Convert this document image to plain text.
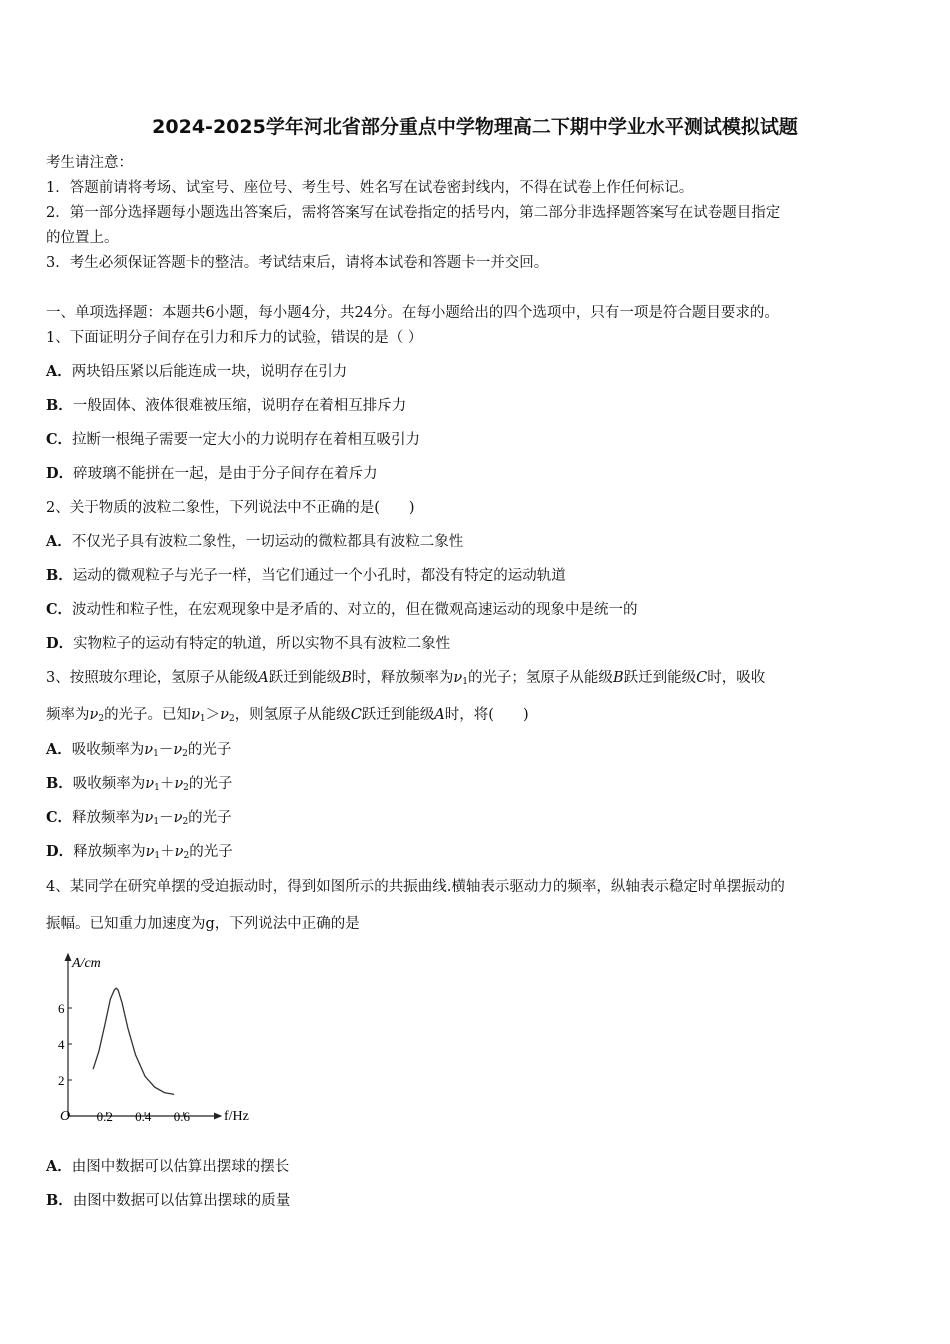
2024-2025学年河北省部分重点中学物理高二下期中学业水平测试模拟试题
考生请注意：
1．答题前请将考场、试室号、座位号、考生号、姓名写在试卷密封线内，不得在试卷上作任何标记。
2．第一部分选择题每小题选出答案后，需将答案写在试卷指定的括号内，第二部分非选择题答案写在试卷题目指定
的位置上。
3．考生必须保证答题卡的整洁。考试结束后，请将本试卷和答题卡一并交回。
一、单项选择题：本题共6小题，每小题4分，共24分。在每小题给出的四个选项中，只有一项是符合题目要求的。
1、下面证明分子间存在引力和斥力的试验，错误的是（ ）
A．两块铅压紧以后能连成一块，说明存在引力
B．一般固体、液体很难被压缩，说明存在着相互排斥力
C．拉断一根绳子需要一定大小的力说明存在着相互吸引力
D．碎玻璃不能拼在一起，是由于分子间存在着斥力
2、关于物质的波粒二象性，下列说法中不正确的是(　　)
A．不仅光子具有波粒二象性，一切运动的微粒都具有波粒二象性
B．运动的微观粒子与光子一样，当它们通过一个小孔时，都没有特定的运动轨道
C．波动性和粒子性，在宏观现象中是矛盾的、对立的，但在微观高速运动的现象中是统一的
D．实物粒子的运动有特定的轨道，所以实物不具有波粒二象性
3、按照玻尔理论，氢原子从能级A跃迁到能级B时，释放频率为$\nu_1$的光子；氢原子从能级B跃迁到能级C时，吸收
频率为$\nu_2$的光子。已知$\nu_1>\nu_2$，则氢原子从能级C跃迁到能级A时，将(　　)
A．吸收频率为$\nu_1-\nu_2$的光子
B．吸收频率为$\nu_1+\nu_2$的光子
C．释放频率为$\nu_1-\nu_2$的光子
D．释放频率为$\nu_1+\nu_2$的光子
4、某同学在研究单摆的受迫振动时，得到如图所示的共振曲线.横轴表示驱动力的频率，纵轴表示稳定时单摆振动的
振幅。已知重力加速度为g，下列说法中正确的是
A/cm
f/Hz
O 0.2 0.4 0.6
2
4
6
A．由图中数据可以估算出摆球的摆长
B．由图中数据可以估算出摆球的质量
